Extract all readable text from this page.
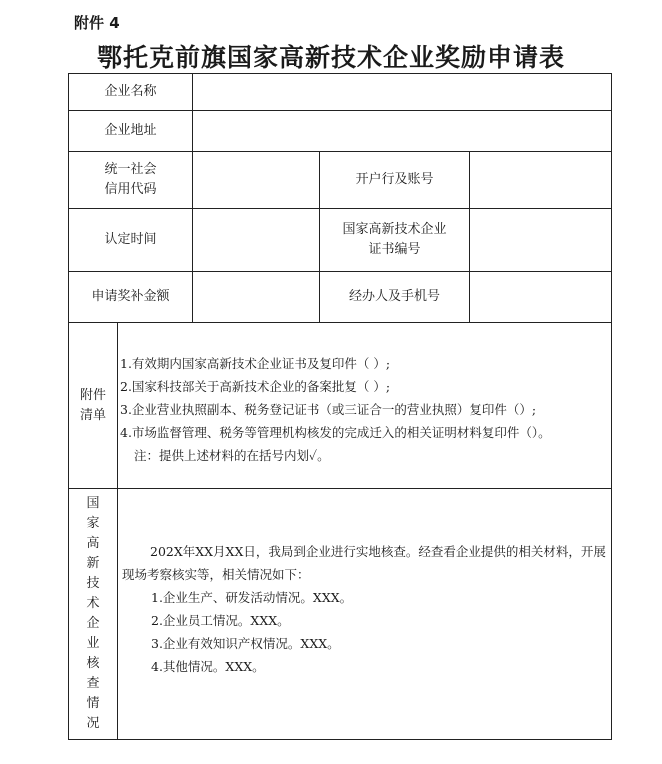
附件 4
鄂托克前旗国家高新技术企业奖励申请表
企业名称
企业地址
统一社会
信用代码
开户行及账号
认定时间
国家高新技术企业
证书编号
申请奖补金额	经办人及手机号
附件清单
国家高新技术企业核查情况
1.有效期内国家高新技术企业证书及复印件（ ）;
2.国家科技部关于高新技术企业的备案批复（ ）;
3.企业营业执照副本、税务登记证书（或三证合一的营业执照）复印件（）;
4.市场监督管理、税务等管理机构核发的完成迁入的相关证明材料复印件（）。
注：提供上述材料的在括号内划✓。
202X年XX月XX日，我局到企业进行实地核查。经查看企业提供的相关材料，开展现场考察核实等，相关情况如下：
1.企业生产、研发活动情况。XXX。
2.企业员工情况。XXX。
3.企业有效知识产权情况。XXX。
4.其他情况。XXX。
